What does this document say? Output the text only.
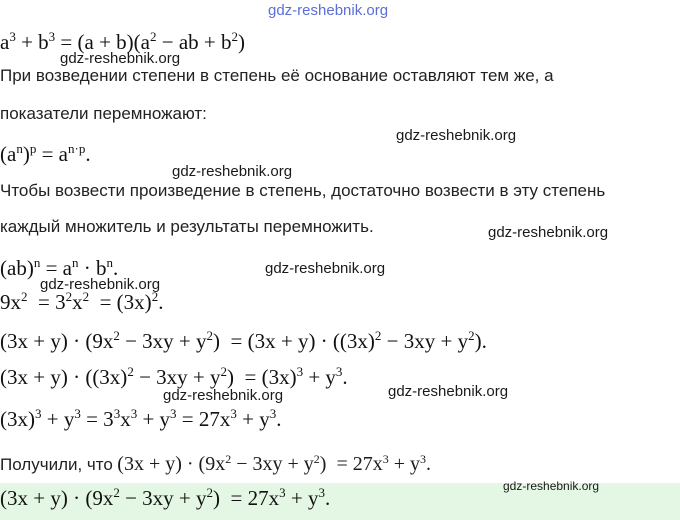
gdz-reshebnik.org
gdz-reshebnik.org
gdz-reshebnik.org
gdz-reshebnik.org
gdz-reshebnik.org
gdz-reshebnik.org
gdz-reshebnik.org
gdz-reshebnik.org	gdz-reshebnik.org
$a^3 + b^3 = (a + b)(a^2$ − ab + $b^2$)
При возведении степени в степень её основание оставляют тем же, а
показатели перемножают:
$(a^n)^p = a^{n\cdot p}$.
Чтобы возвести произведение в степень, достаточно возвести в эту степень
каждый множитель и результаты перемножить.
$(ab)^n = a^n \cdot b^n$.
$9x^2 = 3^2x^2 = (3x)^2$.
$(3x + y) \cdot (9x^2 - 3xy + y^2) = (3x + y) \cdot ((3x)^2 - 3xy + y^2)$.
$(3x + y) \cdot ((3x)^2 - 3xy + y^2) = (3x)^3 + y^3$.
$(3x)^3 + y^3 = 3^3x^3 + y^3 = 27x^3 + y^3$.
Получили, что $(3x + y) \cdot (9x^2 - 3xy + y^2) = 27x^3 + y^3$.
$(3x + y) \cdot (9x^2 - 3xy + y^2) = 27x^3 + y^3$.	gdz-reshebnik.org
